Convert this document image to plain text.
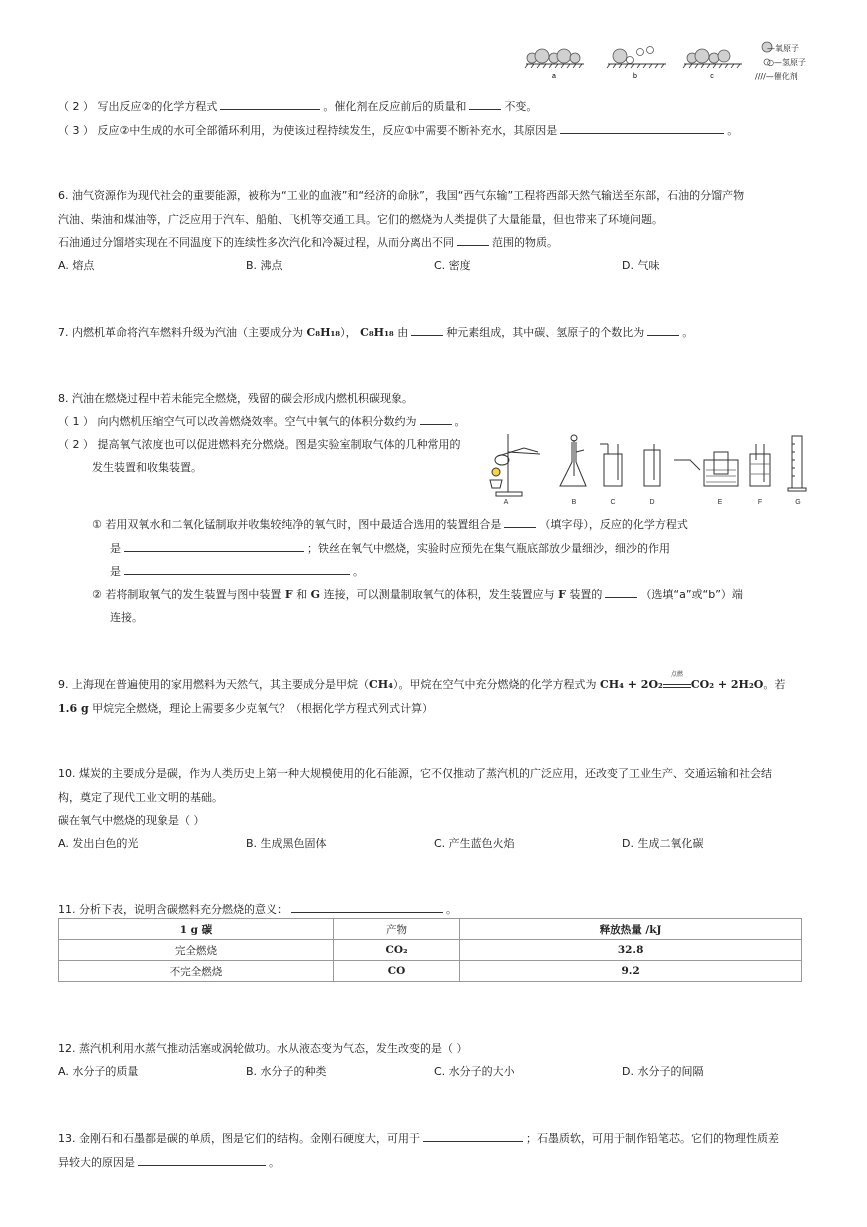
a	b	c
—氧原子
○—氢原子
////—催化剂
（ 2 ） 写出反应②的化学方程式	。催化剂在反应前后的质量和	不变。
（ 3 ） 反应②中生成的水可全部循环利用，为使该过程持续发生，反应①中需要不断补充水，其原因是	。
6. 油气资源作为现代社会的重要能源，被称为“工业的血液”和“经济的命脉”，我国“西气东输”工程将西部天然气输送至东部，石油的分馏产物
汽油、柴油和煤油等，广泛应用于汽车、船舶、飞机等交通工具。它们的燃烧为人类提供了大量能量，但也带来了环境问题。
石油通过分馏塔实现在不同温度下的连续性多次汽化和冷凝过程，从而分离出不同	范围的物质。
A. 熔点	B. 沸点	C. 密度	D. 气味
7. 内燃机革命将汽车燃料升级为汽油（主要成分为 C₈H₁₈）， C₈H₁₈ 由	种元素组成，其中碳、氢原子的个数比为	。
8. 汽油在燃烧过程中若未能完全燃烧，残留的碳会形成内燃机积碳现象。
（ 1 ） 向内燃机压缩空气可以改善燃烧效率。空气中氧气的体积分数约为	。
（ 2 ） 提高氧气浓度也可以促进燃料充分燃烧。图是实验室制取气体的几种常用的
发生装置和收集装置。
A	B	C	D	E	F	G
① 若用双氧水和二氧化锰制取并收集较纯净的氧气时，图中最适合选用的装置组合是	（填字母），反应的化学方程式
是	；铁丝在氧气中燃烧，实验时应预先在集气瓶底部放少量细沙，细沙的作用
是	。
② 若将制取氧气的发生装置与图中装置 F 和 G 连接，可以测量制取氧气的体积，发生装置应与 F 装置的	（选填“a”或“b”）端
连接。
9. 上海现在普遍使用的家用燃料为天然气，其主要成分是甲烷（CH₄）。甲烷在空气中充分燃烧的化学方程式为 CH₄ + 2O₂
点燃
CO₂ + 2H₂O。若
1.6 g 甲烷完全燃烧，理论上需要多少克氧气？（根据化学方程式列式计算）
10. 煤炭的主要成分是碳，作为人类历史上第一种大规模使用的化石能源，它不仅推动了蒸汽机的广泛应用，还改变了工业生产、交通运输和社会结
构，奠定了现代工业文明的基础。
碳在氧气中燃烧的现象是（ ）
A. 发出白色的光	B. 生成黑色固体	C. 产生蓝色火焰	D. 生成二氧化碳
11. 分析下表，说明含碳燃料充分燃烧的意义：	。
1 g 碳	产物	释放热量 /kJ
完全燃烧	CO₂	32.8
不完全燃烧	CO	9.2
12. 蒸汽机利用水蒸气推动活塞或涡轮做功。水从液态变为气态，发生改变的是（ ）
A. 水分子的质量	B. 水分子的种类	C. 水分子的大小	D. 水分子的间隔
13. 金刚石和石墨都是碳的单质，图是它们的结构。金刚石硬度大，可用于	；石墨质软，可用于制作铅笔芯。它们的物理性质差
异较大的原因是	。
